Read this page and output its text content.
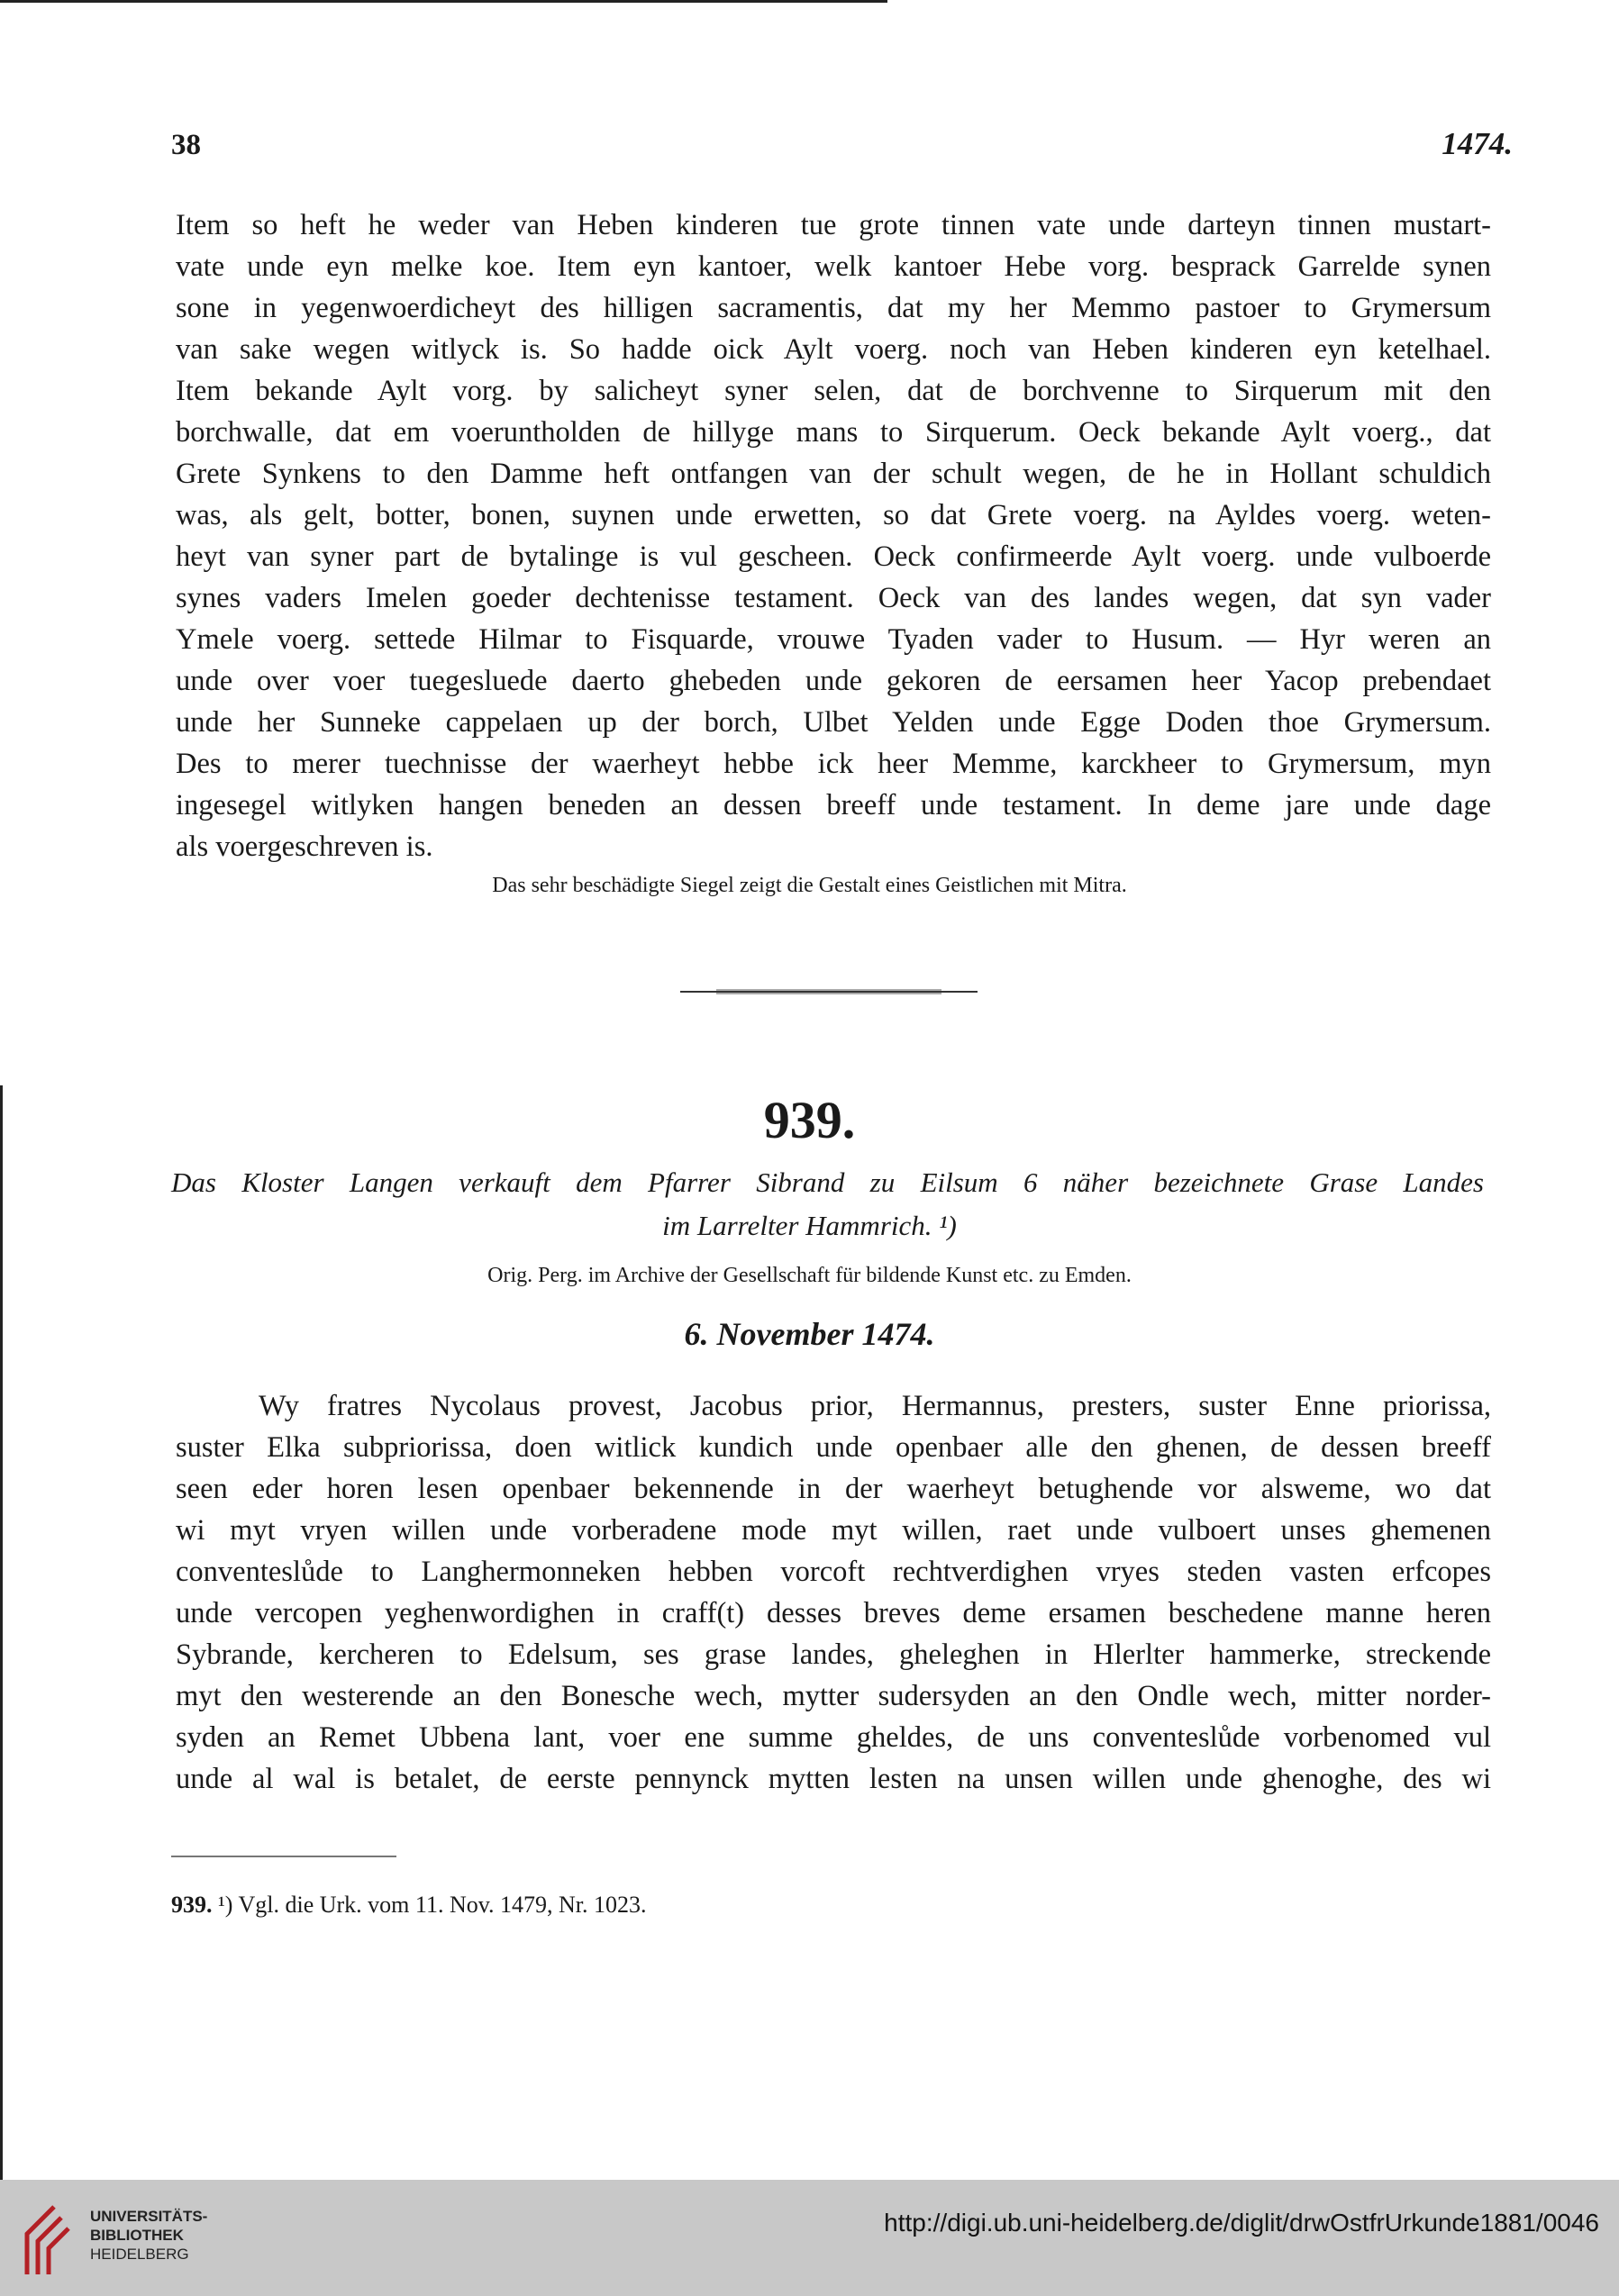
38	1474.
Item so heft he weder van Heben kinderen tue grote tinnen vate unde darteyn tinnen mustart-
vate unde eyn melke koe. Item eyn kantoer, welk kantoer Hebe vorg. besprack Garrelde synen
sone in yegenwoerdicheyt des hilligen sacramentis, dat my her Memmo pastoer to Grymersum
van sake wegen witlyck is. So hadde oick Aylt voerg. noch van Heben kinderen eyn ketelhael.
Item bekande Aylt vorg. by salicheyt syner selen, dat de borchvenne to Sirquerum mit den
borchwalle, dat em voeruntholden de hillyge mans to Sirquerum. Oeck bekande Aylt voerg., dat
Grete Synkens to den Damme heft ontfangen van der schult wegen, de he in Hollant schuldich
was, als gelt, botter, bonen, suynen unde erwetten, so dat Grete voerg. na Ayldes voerg. weten-
heyt van syner part de bytalinge is vul gescheen. Oeck confirmeerde Aylt voerg. unde vulboerde
synes vaders Imelen goeder dechtenisse testament. Oeck van des landes wegen, dat syn vader
Ymele voerg. settede Hilmar to Fisquarde, vrouwe Tyaden vader to Husum. — Hyr weren an
unde over voer tuegesluede daerto ghebeden unde gekoren de eersamen heer Yacop prebendaet
unde her Sunneke cappelaen up der borch, Ulbet Yelden unde Egge Doden thoe Grymersum.
Des to merer tuechnisse der waerheyt hebbe ick heer Memme, karckheer to Grymersum, myn
ingesegel witlyken hangen beneden an dessen breeff unde testament. In deme jare unde dage
als voergeschreven is.
Das sehr beschädigte Siegel zeigt die Gestalt eines Geistlichen mit Mitra.
939.
Das Kloster Langen verkauft dem Pfarrer Sibrand zu Eilsum 6 näher bezeichnete Grase Landes
im Larrelter Hammrich. ¹)
Orig. Perg. im Archive der Gesellschaft für bildende Kunst etc. zu Emden.
6. November 1474.
Wy fratres Nycolaus provest, Jacobus prior, Hermannus, presters, suster Enne priorissa,
suster Elka subpriorissa, doen witlick kundich unde openbaer alle den ghenen, de dessen breeff
seen eder horen lesen openbaer bekennende in der waerheyt betughende vor alsweme, wo dat
wi myt vryen willen unde vorberadene mode myt willen, raet unde vulboert unses ghemenen
conventeslůde to Langhermonneken hebben vorcoft rechtverdighen vryes steden vasten erfcopes
unde vercopen yeghenwordighen in craff(t) desses breves deme ersamen beschedene manne heren
Sybrande, kercheren to Edelsum, ses grase landes, gheleghen in Hlerlter hammerke, streckende
myt den westerende an den Bonesche wech, mytter sudersyden an den Ondle wech, mitter norder-
syden an Remet Ubbena lant, voer ene summe gheldes, de uns conventeslůde vorbenomed vul
unde al wal is betalet, de eerste pennynck mytten lesten na unsen willen unde ghenoghe, des wi
939. ¹) Vgl. die Urk. vom 11. Nov. 1479, Nr. 1023.
UNIVERSITÄTS-
BIBLIOTHEK
HEIDELBERG
http://digi.ub.uni-heidelberg.de/diglit/drwOstfrUrkunde1881/0046
